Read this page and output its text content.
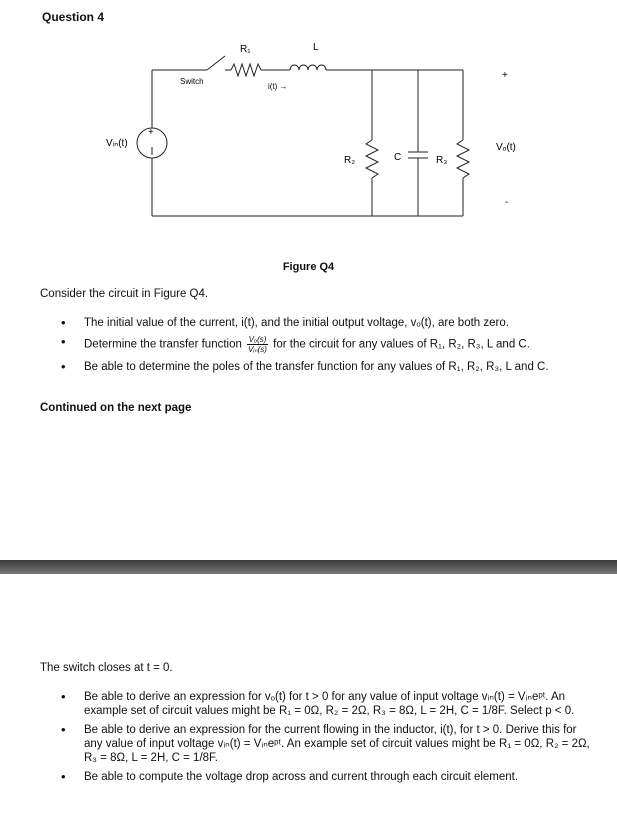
Question 4
R₁	L
Switch
i(t) →
+
Vᵢₙ(t)
R₂	C	R₃
+
Vₒ(t)
-
Figure Q4
Consider the circuit in Figure Q4.
• The initial value of the current, i(t), and the initial output voltage, vₒ(t), are both zero.
• Determine the transfer function $\frac{\text{Vₒ(s)}}{\text{Vᵢₙ(s)}}$ for the circuit for any values of R₁, R₂, R₃, L and C.
• Be able to determine the poles of the transfer function for any values of R₁, R₂, R₃, L and C.
Continued on the next page
The switch closes at t = 0.
• Be able to derive an expression for vₒ(t) for t > 0 for any value of input voltage vᵢₙ(t) = Vᵢₙeᵖᵗ. An example set of circuit values might be R₁ = 0Ω, R₂ = 2Ω, R₃ = 8Ω, L = 2H, C = 1/8F. Select p < 0.
• Be able to derive an expression for the current flowing in the inductor, i(t), for t > 0. Derive this for any value of input voltage vᵢₙ(t) = Vᵢₙeᵖᵗ. An example set of circuit values might be R₁ = 0Ω, R₂ = 2Ω, R₃ = 8Ω, L = 2H, C = 1/8F.
• Be able to compute the voltage drop across and current through each circuit element.
